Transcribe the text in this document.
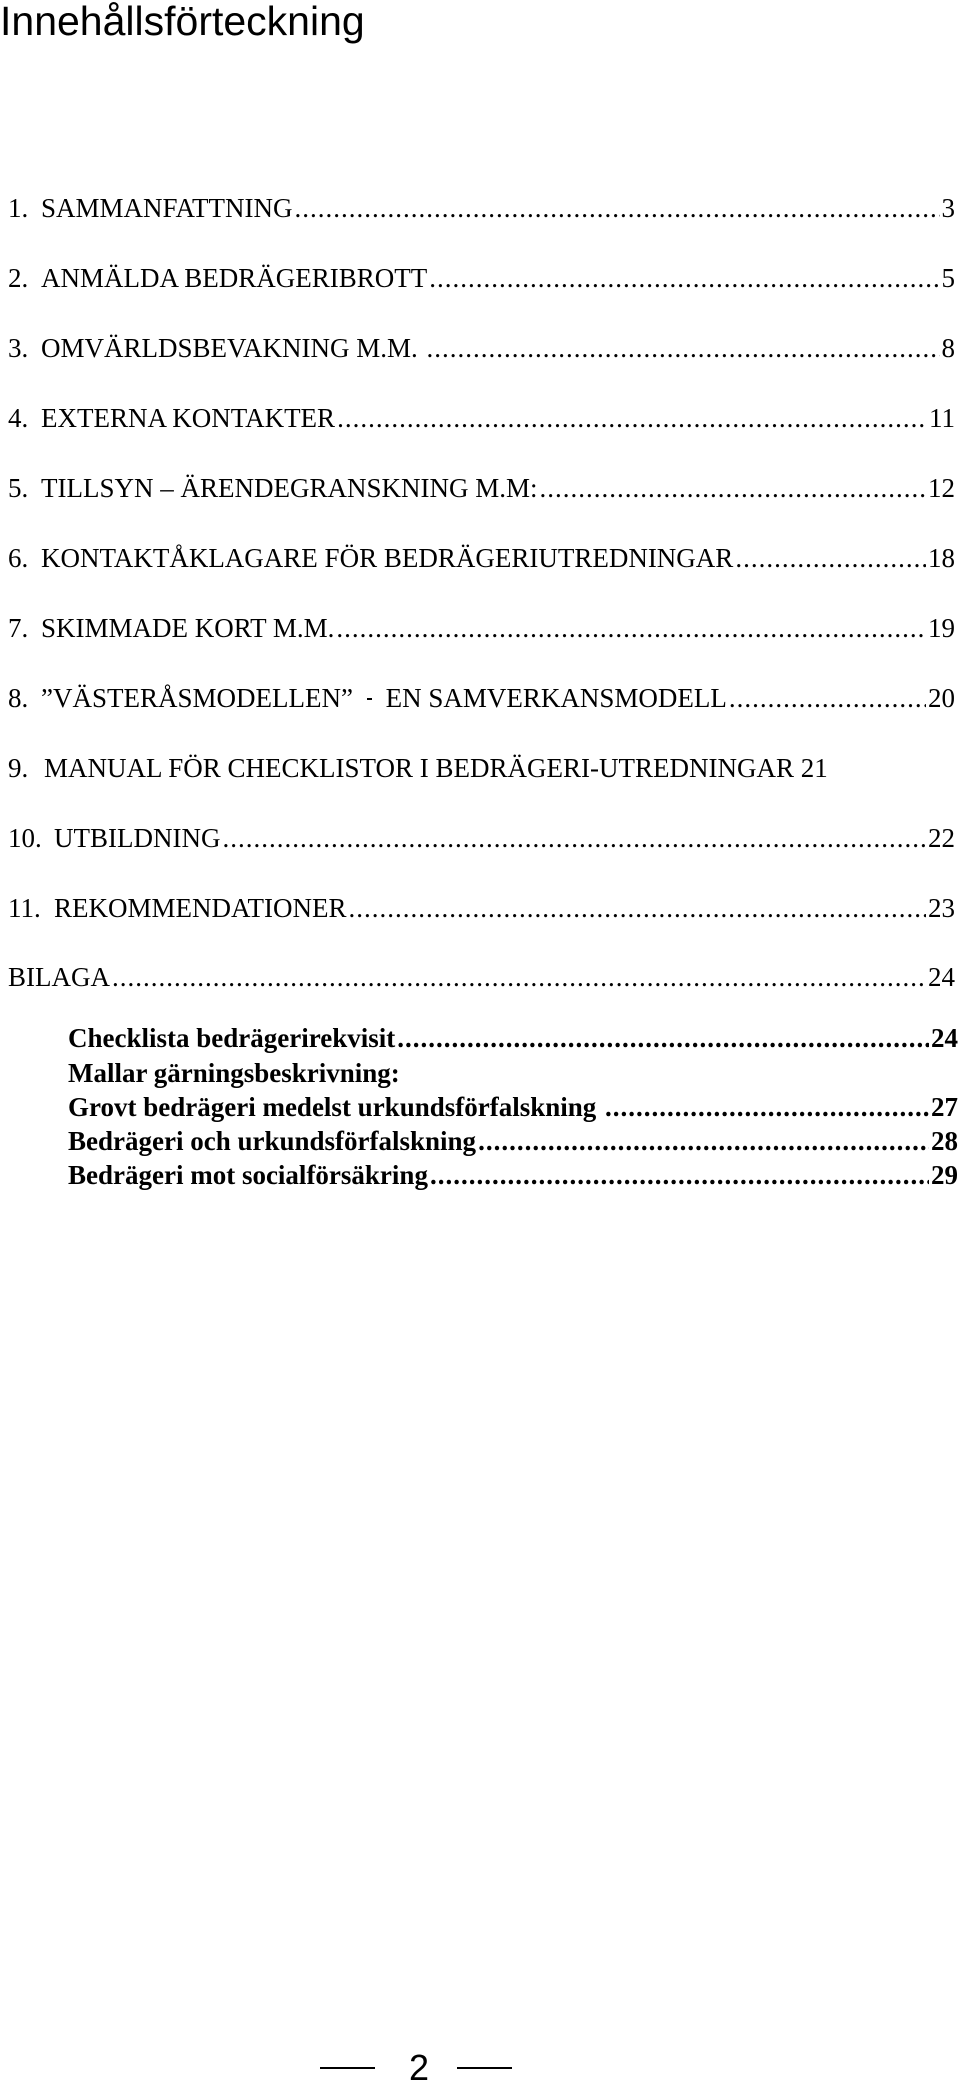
Innehållsförteckning
1. SAMMANFATTNING .....	3
2. ANMÄLDA BEDRÄGERIBROTT .....	5
3. OMVÄRLDSBEVAKNING M.M. .....	8
4. EXTERNA KONTAKTER .....	11
5. TILLSYN – ÄRENDEGRANSKNING M.M: .....	12
6. KONTAKTÅKLAGARE FÖR BEDRÄGERIUTREDNINGAR .....	18
7. SKIMMADE KORT M.M. .....	19
8. ”VÄSTERÅSMODELLEN” EN SAMVERKANSMODELL .....	20
9. MANUAL FÖR CHECKLISTOR I BEDRÄGERI-UTREDNINGAR 21
10. UTBILDNING .....	22
11. REKOMMENDATIONER .....	23
BILAGA .....	24
Checklista bedrägerirekvisit .....	24
Mallar gärningsbeskrivning:
Grovt bedrägeri medelst urkundsförfalskning .....	27
Bedrägeri och urkundsförfalskning .....	28
Bedrägeri mot socialförsäkring .....	29
2
